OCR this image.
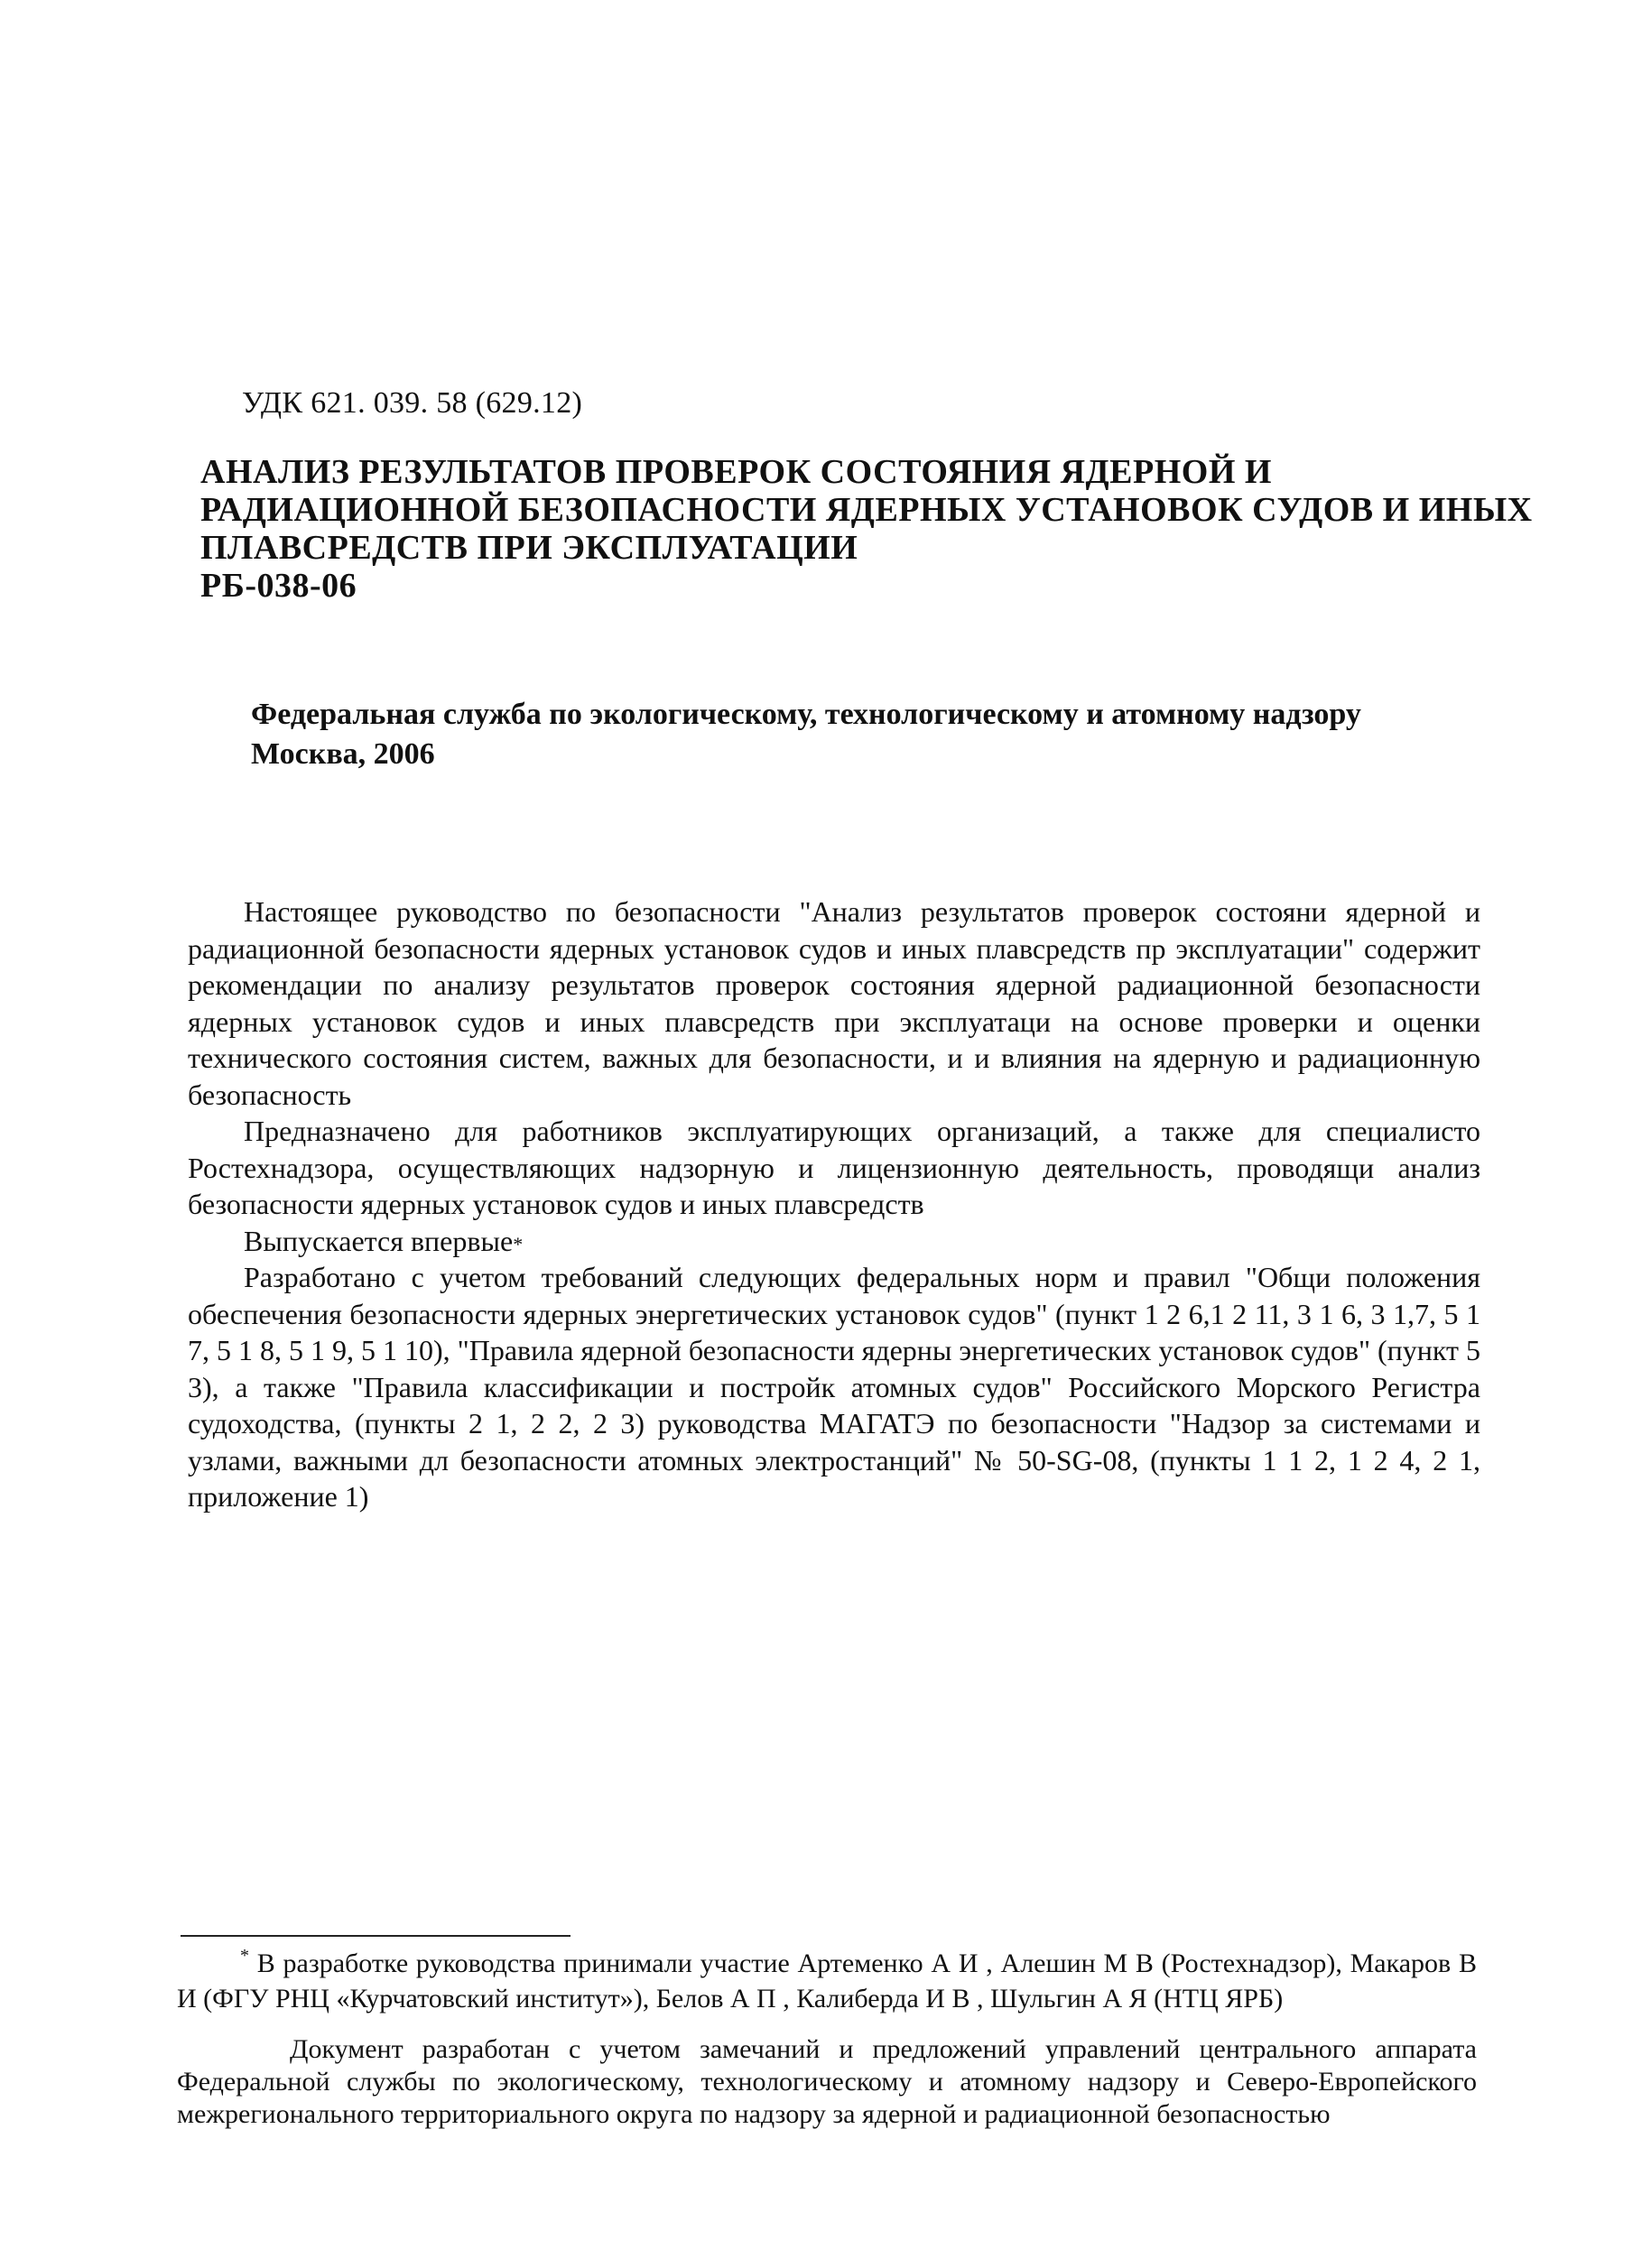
УДК 621. 039. 58 (629.12)
АНАЛИЗ РЕЗУЛЬТАТОВ ПРОВЕРОК СОСТОЯНИЯ ЯДЕРНОЙ И
РАДИАЦИОННОЙ БЕЗОПАСНОСТИ ЯДЕРНЫХ УСТАНОВОК СУДОВ И ИНЫХ
ПЛАВСРЕДСТВ ПРИ ЭКСПЛУАТАЦИИ
РБ-038-06
Федеральная служба по экологическому, технологическому и атомному надзору
Москва, 2006

Настоящее руководство по безопасности "Анализ результатов проверок состояни ядерной и радиационной безопасности ядерных установок судов и иных плавсредств пр эксплуатации" содержит рекомендации по анализу результатов проверок состояния ядерной радиационной безопасности ядерных установок судов и иных плавсредств при эксплуатаци на основе проверки и оценки технического состояния систем, важных для безопасности, и и влияния на ядерную и радиационную безопасность

Предназначено для работников эксплуатирующих организаций, а также для специалисто Ростехнадзора, осуществляющих надзорную и лицензионную деятельность, проводящи анализ безопасности ядерных установок судов и иных плавсредств

Выпускается впервые*

Разработано с учетом требований следующих федеральных норм и правил "Общи положения обеспечения безопасности ядерных энергетических установок судов" (пункт 1 2 6,1 2 11, 3 1 6, 3 1,7, 5 1 7, 5 1 8, 5 1 9, 5 1 10), "Правила ядерной безопасности ядерны энергетических установок судов" (пункт 5 3), а также "Правила классификации и постройк атомных судов" Российского Морского Регистра судоходства, (пункты 2 1, 2 2, 2 3) руководства МАГАТЭ по безопасности "Надзор за системами и узлами, важными дл безопасности атомных электростанций" № 50-SG-08, (пункты 1 1 2, 1 2 4, 2 1, приложение 1)

* В разработке руководства принимали участие Артеменко А И , Алешин М В (Ростехнадзор), Макаров В И (ФГУ РНЦ «Курчатовский институт»), Белов А П , Калиберда И В , Шульгин А Я (НТЦ ЯРБ)

Документ разработан с учетом замечаний и предложений управлений центрального аппарата Федеральной службы по экологическому, технологическому и атомному надзору и Северо-Европейского межрегионального территориального округа по надзору за ядерной и радиационной безопасностью
